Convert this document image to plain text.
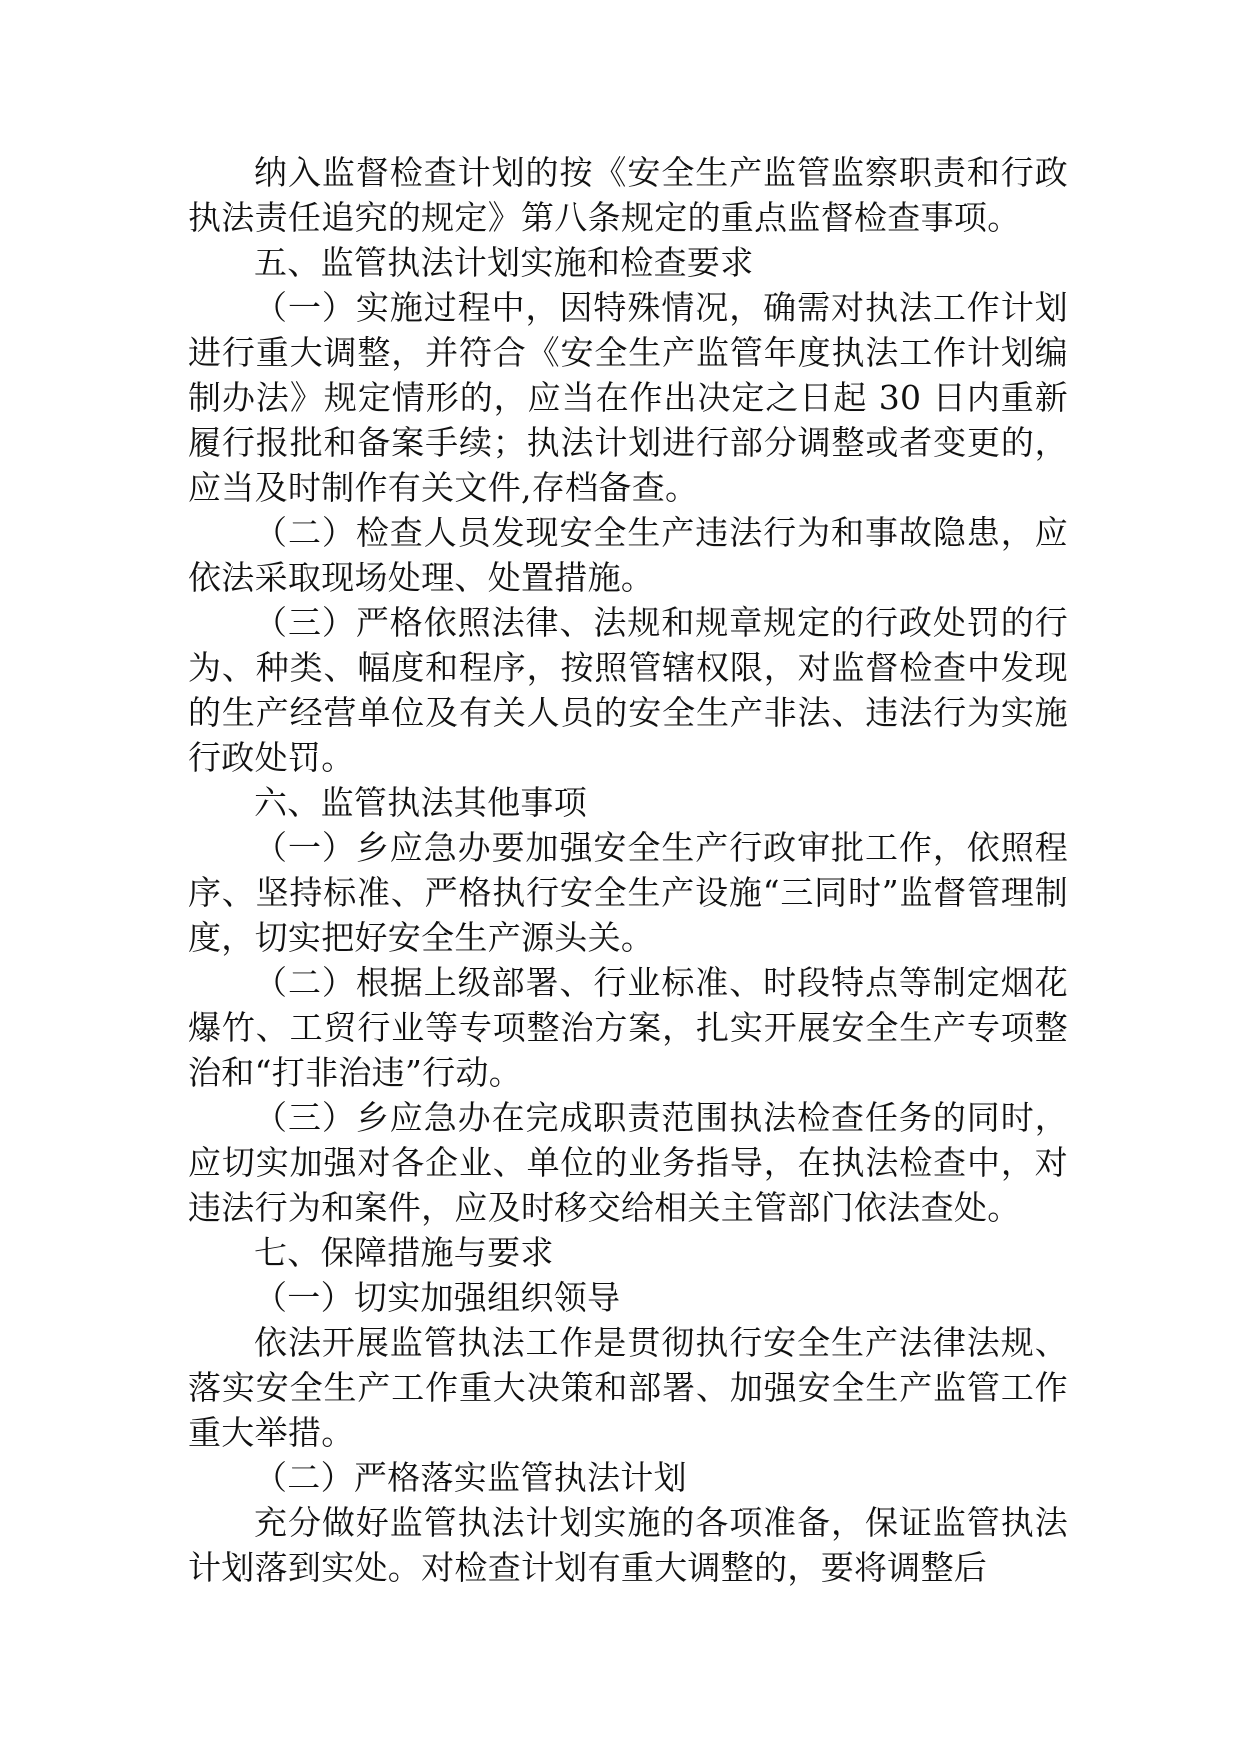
纳入监督检查计划的按《安全生产监管监察职责和行政执法责任追究的规定》第八条规定的重点监督检查事项。

五、监管执法计划实施和检查要求

（一）实施过程中，因特殊情况，确需对执法工作计划进行重大调整，并符合《安全生产监管年度执法工作计划编制办法》规定情形的，应当在作出决定之日起 30 日内重新履行报批和备案手续；执法计划进行部分调整或者变更的，应当及时制作有关文件,存档备查。

（二）检查人员发现安全生产违法行为和事故隐患，应依法采取现场处理、处置措施。

（三）严格依照法律、法规和规章规定的行政处罚的行为、种类、幅度和程序，按照管辖权限，对监督检查中发现的生产经营单位及有关人员的安全生产非法、违法行为实施行政处罚。

六、监管执法其他事项

（一）乡应急办要加强安全生产行政审批工作，依照程序、坚持标准、严格执行安全生产设施“三同时”监督管理制度，切实把好安全生产源头关。

（二）根据上级部署、行业标准、时段特点等制定烟花爆竹、工贸行业等专项整治方案，扎实开展安全生产专项整治和“打非治违”行动。

（三）乡应急办在完成职责范围执法检查任务的同时，应切实加强对各企业、单位的业务指导，在执法检查中，对违法行为和案件，应及时移交给相关主管部门依法查处。

七、保障措施与要求

（一）切实加强组织领导

依法开展监管执法工作是贯彻执行安全生产法律法规、落实安全生产工作重大决策和部署、加强安全生产监管工作重大举措。

（二）严格落实监管执法计划

充分做好监管执法计划实施的各项准备，保证监管执法计划落到实处。对检查计划有重大调整的，要将调整后
